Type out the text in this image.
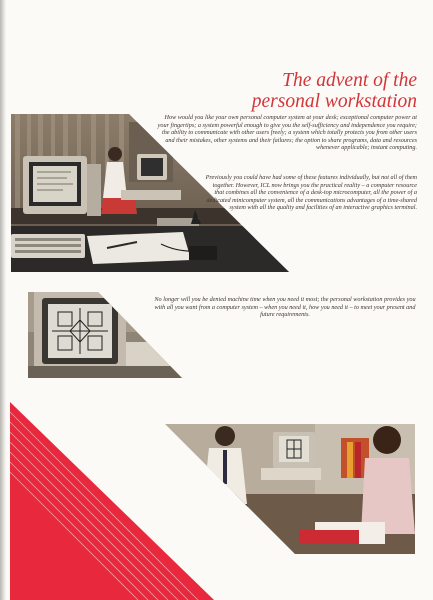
The advent of the
personal workstation

How would you like your own personal computer system at your desk; exceptional computer power at your fingertips; a system powerful enough to give you the self-sufficiency and independence you require; the ability to communicate with other users freely; a system which totally protects you from other users and their mistakes, other systems and their failures; the option to share programs, data and resources whenever applicable; instant computing.

Previously you could have had some of these features individually, but not all of them together. However, ICL now brings you the practical reality – a computer resource that combines all the convenience of a desk-top microcomputer, all the power of a dedicated minicomputer system, all the communications advantages of a time-shared system with all the quality and facilities of an interactive graphics terminal.

No longer will you be denied machine time when you need it most; the personal workstation provides you with all you want from a computer system – when you need it, how you need it – to meet your present and future requirements.
